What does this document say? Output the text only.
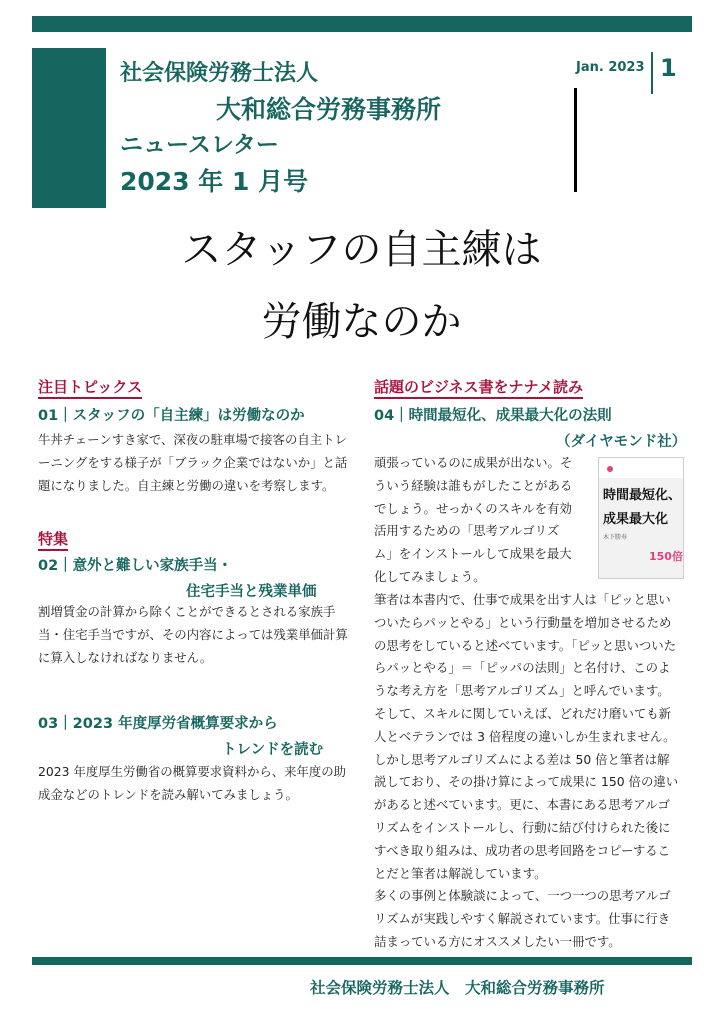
社会保険労務士法人
大和総合労務事務所
ニュースレター
2023 年 1 月号
Jan. 2023 1
スタッフの自主練は
労働なのか
注目トピックス
01｜スタッフの「自主練」は労働なのか
牛丼チェーンすき家で、深夜の駐車場で接客の自主トレ
ーニングをする様子が「ブラック企業ではないか」と話
題になりました。自主練と労働の違いを考察します。
特集
02｜意外と難しい家族手当・
住宅手当と残業単価
割増賃金の計算から除くことができるとされる家族手
当・住宅手当ですが、その内容によっては残業単価計算
に算入しなければなりません。
03｜2023 年度厚労省概算要求から
トレンドを読む
2023 年度厚生労働省の概算要求資料から、来年度の助
成金などのトレンドを読み解いてみましょう。
話題のビジネス書をナナメ読み
04｜時間最短化、成果最大化の法則
（ダイヤモンド社）
頑張っているのに成果が出ない。そ
ういう経験は誰もがしたことがある
でしょう。せっかくのスキルを有効
活用するための「思考アルゴリズ
ム」をインストールして成果を最大
化してみましょう。
時間最短化、
成果最大化
木下勝寿
150倍
筆者は本書内で、仕事で成果を出す人は「ピッと思い
ついたらパッとやる」という行動量を増加させるため
の思考をしていると述べています。「ピッと思いついた
らパッとやる」＝「ピッパの法則」と名付け、このよ
うな考え方を「思考アルゴリズム」と呼んでいます。
そして、スキルに関していえば、どれだけ磨いても新
人とベテランでは 3 倍程度の違いしか生まれません。
しかし思考アルゴリズムによる差は 50 倍と筆者は解
説しており、その掛け算によって成果に 150 倍の違い
があると述べています。更に、本書にある思考アルゴ
リズムをインストールし、行動に結び付けられた後に
すべき取り組みは、成功者の思考回路をコピーするこ
とだと筆者は解説しています。
多くの事例と体験談によって、一つ一つの思考アルゴ
リズムが実践しやすく解説されています。仕事に行き
詰まっている方にオススメしたい一冊です。
社会保険労務士法人　大和総合労務事務所
